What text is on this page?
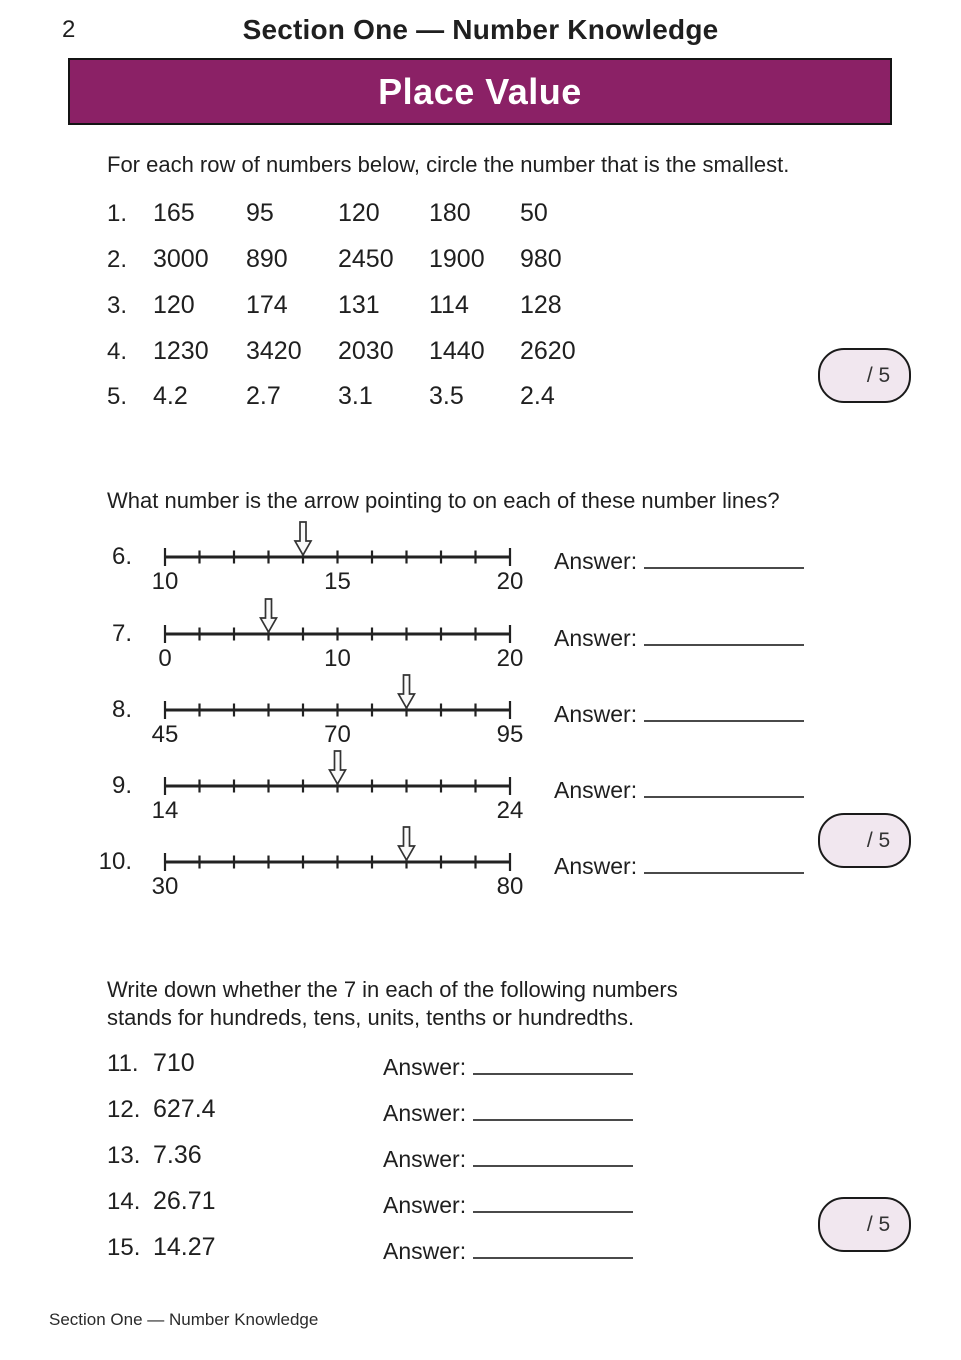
2	Section One — Number Knowledge
Place Value
For each row of numbers below, circle the number that is the smallest.
1. 165 95	120 180 50
2. 3000 890 2450 1900 980
3. 120 174 131 114 128
4. 1230 3420 2030 1440 2620
5. 4.2 2.7 3.1 3.5 2.4
/ 5
What number is the arrow pointing to on each of these number lines?
6.
10	15	20
Answer:
7.
0	10	20
Answer:
8.
45	70	95
Answer:
9.
14	24
Answer:
10.
30	80
Answer:
/ 5
Write down whether the 7 in each of the following numbers
stands for hundreds, tens, units, tenths or hundredths.
11. 710	Answer:
12. 627.4	Answer:
13. 7.36	Answer:
14. 26.71	Answer:
15. 14.27	Answer:
/ 5
Section One — Number Knowledge
